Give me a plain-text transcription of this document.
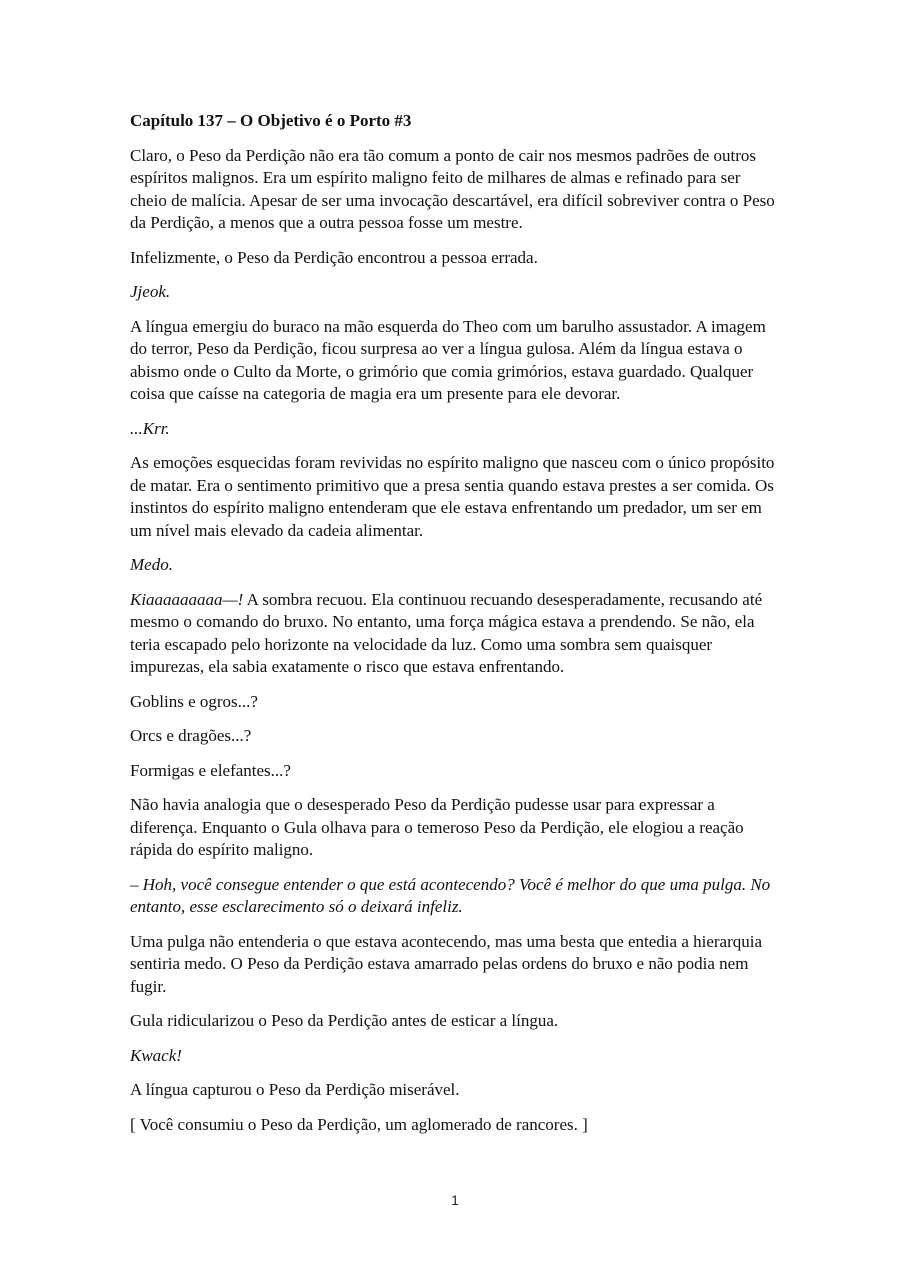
Capítulo 137 – O Objetivo é o Porto #3

Claro, o Peso da Perdição não era tão comum a ponto de cair nos mesmos padrões de outros espíritos malignos. Era um espírito maligno feito de milhares de almas e refinado para ser cheio de malícia. Apesar de ser uma invocação descartável, era difícil sobreviver contra o Peso da Perdição, a menos que a outra pessoa fosse um mestre.

Infelizmente, o Peso da Perdição encontrou a pessoa errada.

Jjeok.

A língua emergiu do buraco na mão esquerda do Theo com um barulho assustador. A imagem do terror, Peso da Perdição, ficou surpresa ao ver a língua gulosa. Além da língua estava o abismo onde o Culto da Morte, o grimório que comia grimórios, estava guardado. Qualquer coisa que caísse na categoria de magia era um presente para ele devorar.

...Krr.

As emoções esquecidas foram revividas no espírito maligno que nasceu com o único propósito de matar. Era o sentimento primitivo que a presa sentia quando estava prestes a ser comida. Os instintos do espírito maligno entenderam que ele estava enfrentando um predador, um ser em um nível mais elevado da cadeia alimentar.

Medo.

Kiaaaaaaaaa—! A sombra recuou. Ela continuou recuando desesperadamente, recusando até mesmo o comando do bruxo. No entanto, uma força mágica estava a prendendo. Se não, ela teria escapado pelo horizonte na velocidade da luz. Como uma sombra sem quaisquer impurezas, ela sabia exatamente o risco que estava enfrentando.

Goblins e ogros...?

Orcs e dragões...?

Formigas e elefantes...?

Não havia analogia que o desesperado Peso da Perdição pudesse usar para expressar a diferença. Enquanto o Gula olhava para o temeroso Peso da Perdição, ele elogiou a reação rápida do espírito maligno.

– Hoh, você consegue entender o que está acontecendo? Você é melhor do que uma pulga. No entanto, esse esclarecimento só o deixará infeliz.

Uma pulga não entenderia o que estava acontecendo, mas uma besta que entedia a hierarquia sentiria medo. O Peso da Perdição estava amarrado pelas ordens do bruxo e não podia nem fugir.

Gula ridicularizou o Peso da Perdição antes de esticar a língua.

Kwack!

A língua capturou o Peso da Perdição miserável.

[ Você consumiu o Peso da Perdição, um aglomerado de rancores. ]

1
